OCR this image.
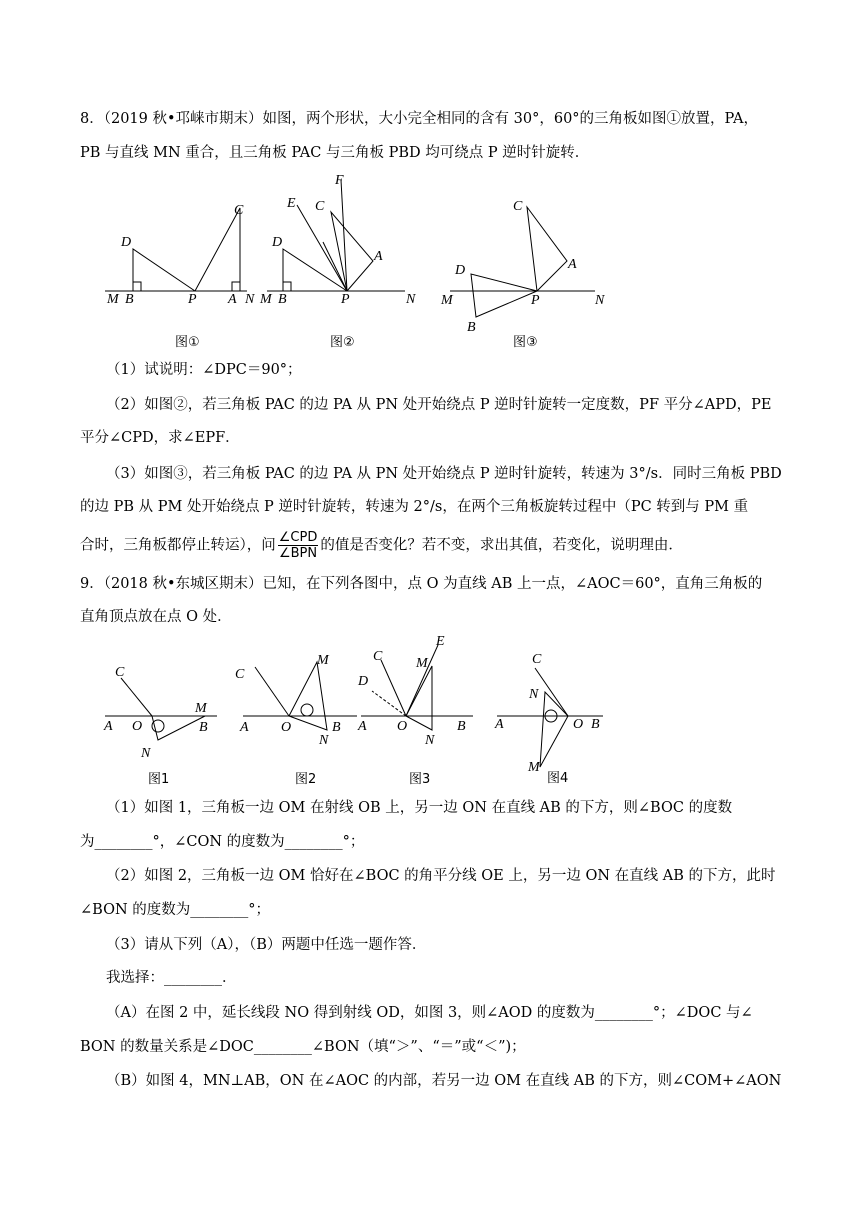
8．（2019 秋•邛崃市期末）如图，两个形状，大小完全相同的含有 30°，60°的三角板如图①放置，PA，
PB 与直线 MN 重合，且三角板 PAC 与三角板 PBD 均可绕点 P 逆时针旋转．
M B	P A N
D
C
图①
M B	P	N
D
E C
F
A
图②
M	P	N
D
B
C
A
图③
（1）试说明：∠DPC＝90°；
（2）如图②，若三角板 PAC 的边 PA 从 PN 处开始绕点 P 逆时针旋转一定度数，PF 平分∠APD，PE
平分∠CPD，求∠EPF．
（3）如图③，若三角板 PAC 的边 PA 从 PN 处开始绕点 P 逆时针旋转，转速为 3°/s．同时三角板 PBD
的边 PB 从 PM 处开始绕点 P 逆时针旋转，转速为 2°/s，在两个三角板旋转过程中（PC 转到与 PM 重
合时，三角板都停止转运），问 $\frac{\text{∠CPD}}{\text{∠BPN}}$ 的值是否变化？若不变，求出其值，若变化，说明理由．
9．（2018 秋•东城区期末）已知，在下列各图中，点 O 为直线 AB 上一点，∠AOC＝60°，直角三角板的
直角顶点放在点 O 处．
C
A O
M
B
N
图1
C
M
A O	B
N
图2
C
E
M
D
A O	B
N
图3
C
N
A	O B
M
图4
（1）如图 1，三角板一边 OM 在射线 OB 上，另一边 ON 在直线 AB 的下方，则∠BOC 的度数
为________°，∠CON 的度数为________°；
（2）如图 2，三角板一边 OM 恰好在∠BOC 的角平分线 OE 上，另一边 ON 在直线 AB 的下方，此时
∠BON 的度数为________°；
（3）请从下列（A），（B）两题中任选一题作答．
我选择：________．
（A）在图 2 中，延长线段 NO 得到射线 OD，如图 3，则∠AOD 的度数为________°；∠DOC 与∠
BON 的数量关系是∠DOC________∠BON（填“＞”、“＝”或“＜”)；
（B）如图 4，MN⊥AB，ON 在∠AOC 的内部，若另一边 OM 在直线 AB 的下方，则∠COM+∠AON
